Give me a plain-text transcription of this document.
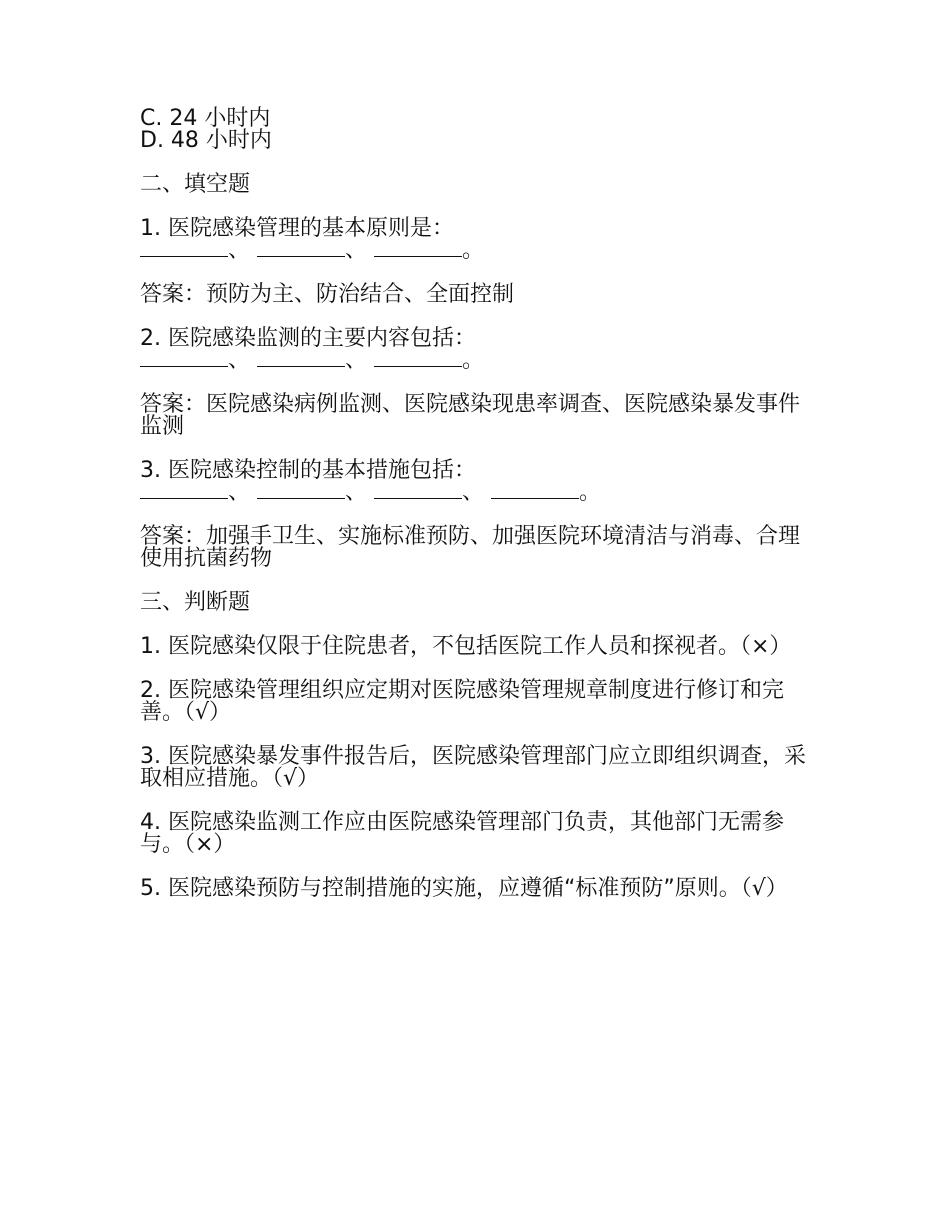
C. 24 小时内

D. 48 小时内

二、填空题

1. 医院感染管理的基本原则是：

、	、	。

答案：预防为主、防治结合、全面控制

2. 医院感染监测的主要内容包括：

、	、	。

答案：医院感染病例监测、医院感染现患率调查、医院感染暴发事件监测

3. 医院感染控制的基本措施包括：

、	、	、	。

答案：加强手卫生、实施标准预防、加强医院环境清洁与消毒、合理使用抗菌药物

三、判断题

1. 医院感染仅限于住院患者，不包括医院工作人员和探视者。（×）

2. 医院感染管理组织应定期对医院感染管理规章制度进行修订和完善。（√）

3. 医院感染暴发事件报告后，医院感染管理部门应立即组织调查，采取相应措施。（√）

4. 医院感染监测工作应由医院感染管理部门负责，其他部门无需参与。（×）

5. 医院感染预防与控制措施的实施，应遵循“标准预防”原则。（√）
